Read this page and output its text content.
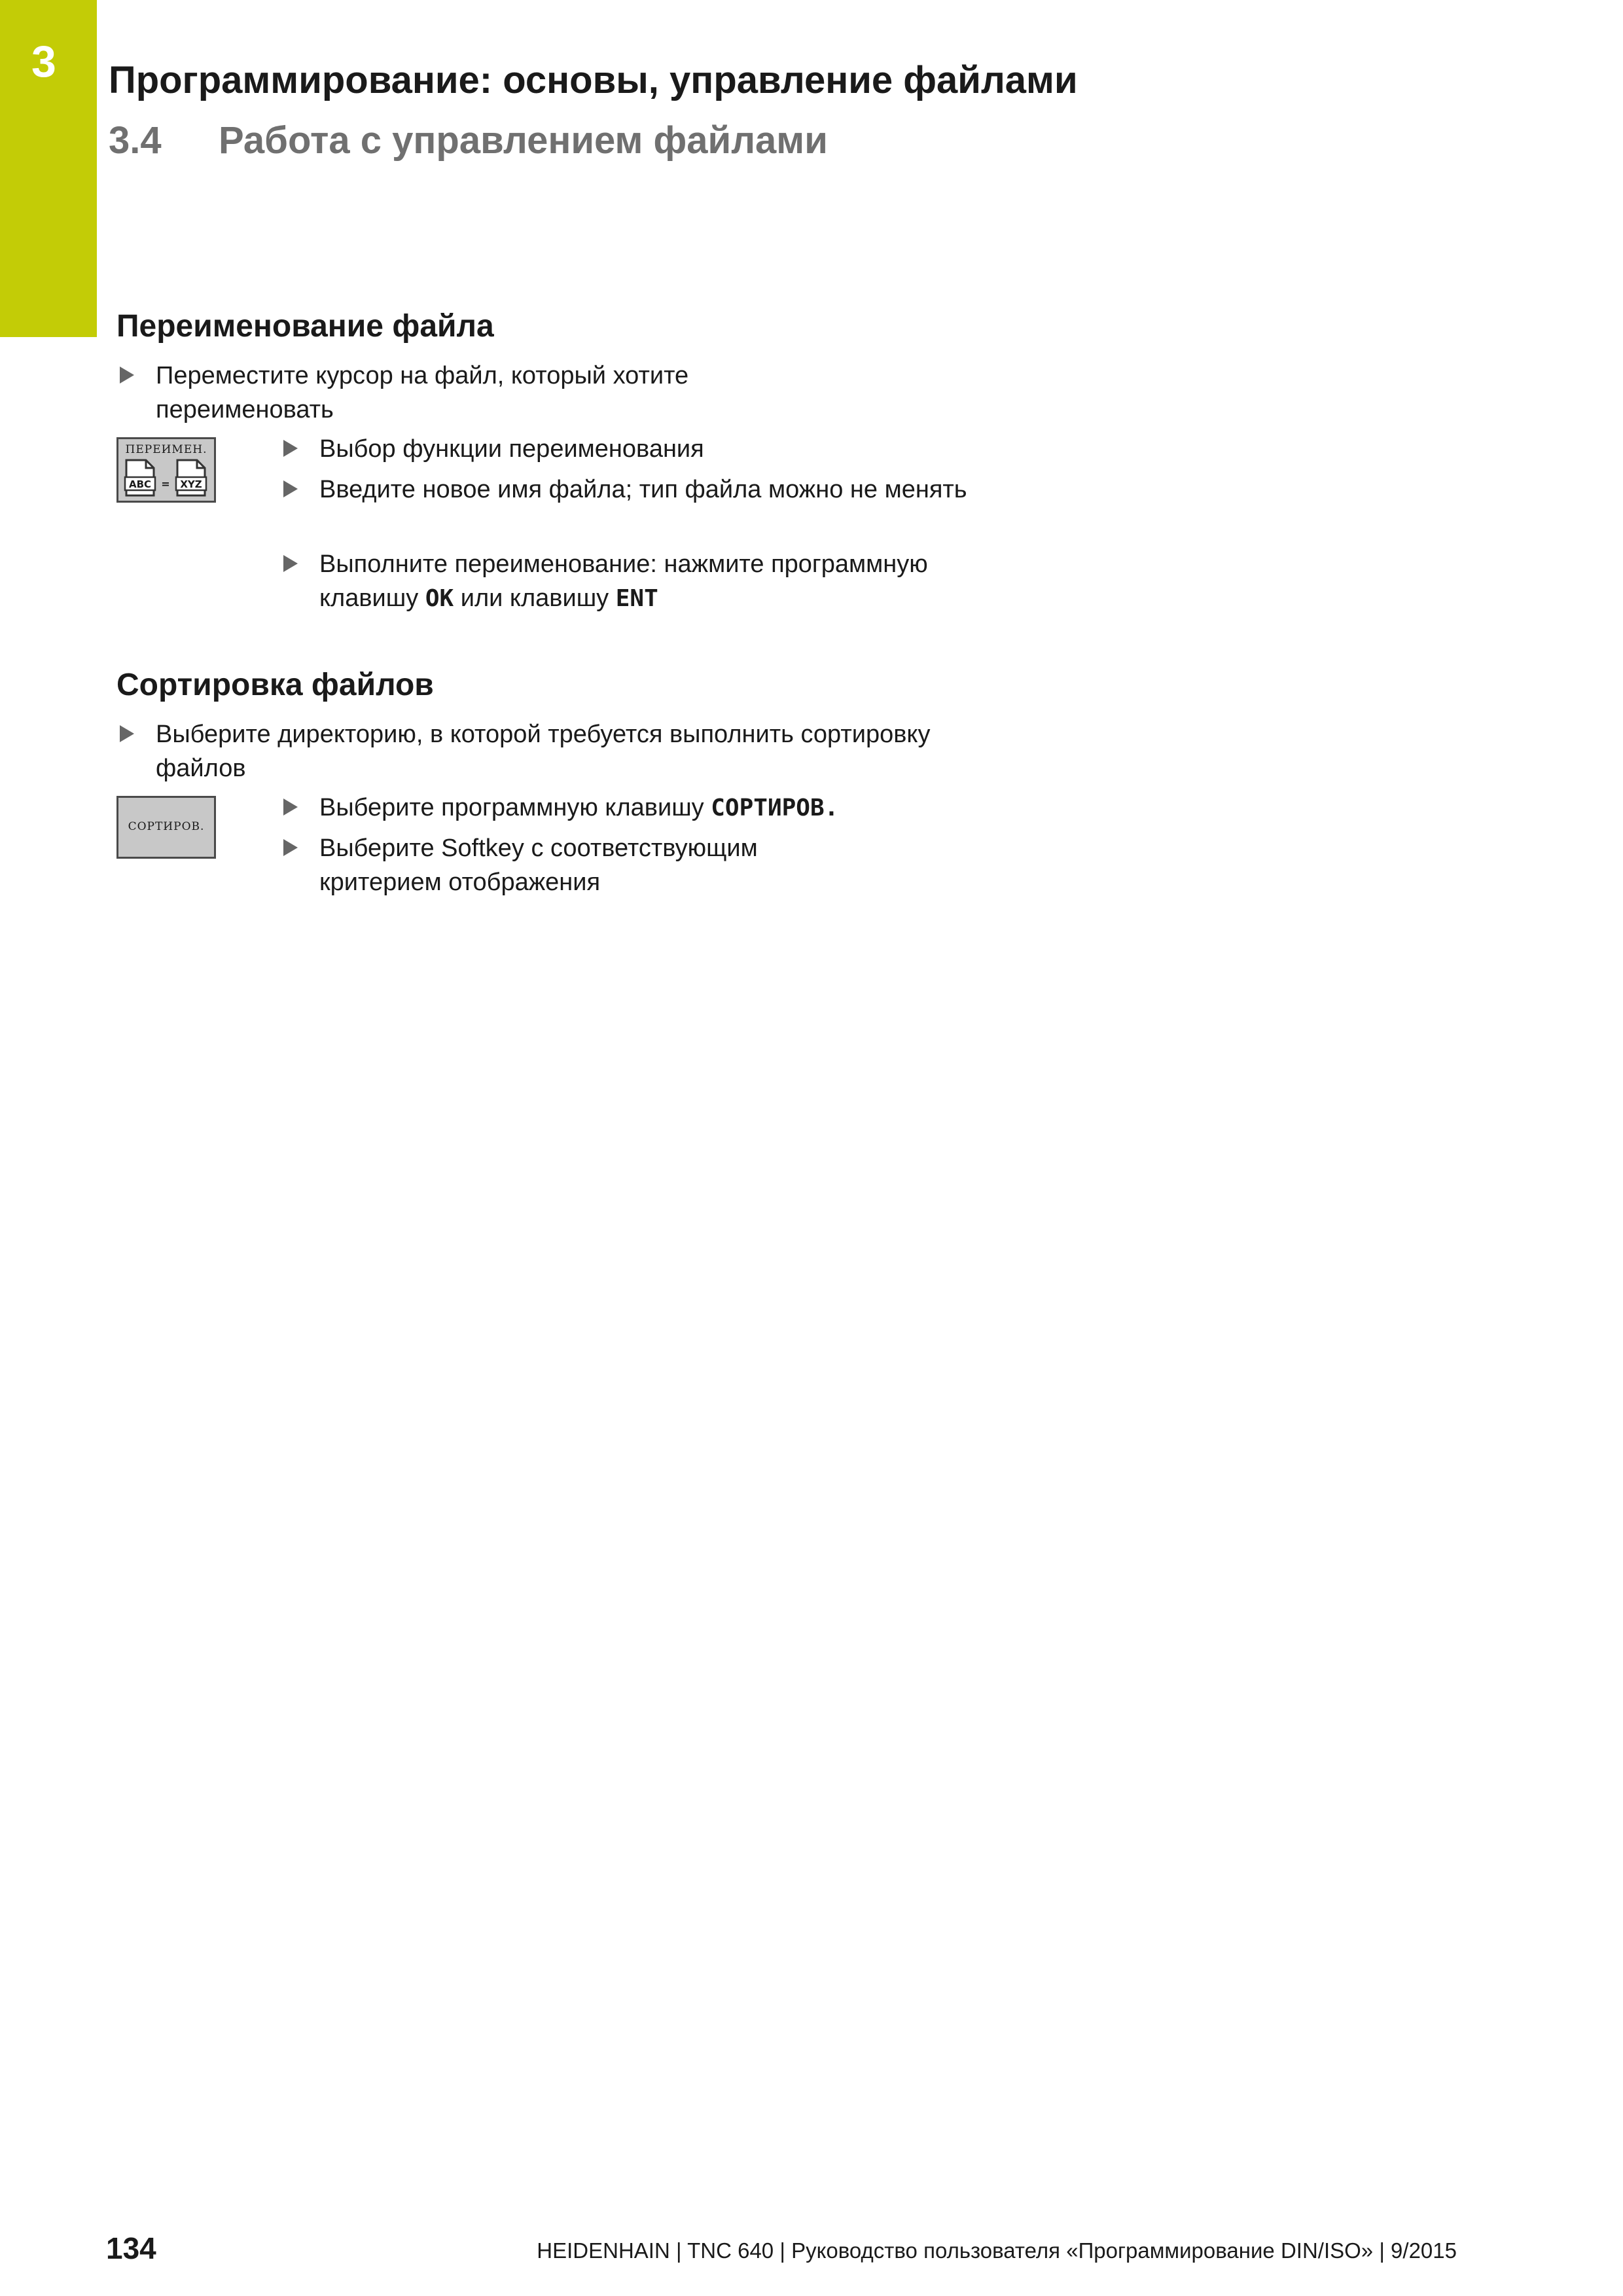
3 Программирование: основы, управление файлами
3.4 Работа с управлением файлами
Переименование файла
Переместите курсор на файл, который хотите переименовать
ПЕРЕИМЕН.
ABC = XYZ
Выбор функции переименования
Введите новое имя файла; тип файла можно не менять
Выполните переименование: нажмите программную клавишу OK или клавишу ENT
Сортировка файлов
Выберите директорию, в которой требуется выполнить сортировку файлов
СОРТИРОВ.
Выберите программную клавишу СОРТИРОВ.
Выберите Softkey с соответствующим критерием отображения
134	HEIDENHAIN | TNC 640 | Руководство пользователя «Программирование DIN/ISO» | 9/2015
